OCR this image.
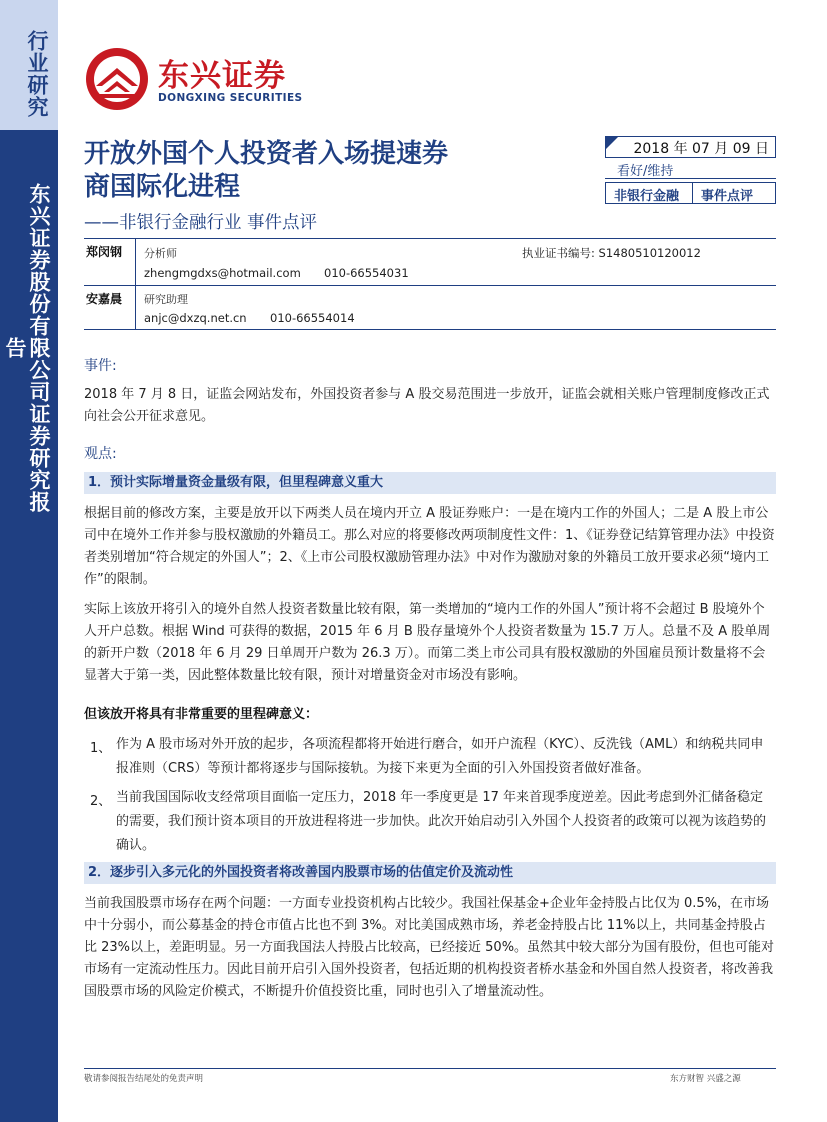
行业研究
东兴证券股份有限公司证券研究报告
东兴证券
DONGXING SECURITIES
开放外国个人投资者入场提速券
商国际化进程
——非银行金融行业 事件点评
2018 年 07 月 09 日
看好/维持
非银行金融 事件点评
郑闵钢 分析师	执业证书编号: S1480510120012
zhengmgdxs@hotmail.com 010-66554031
安嘉晨 研究助理
anjc@dxzq.net.cn 010-66554014
事件:

2018 年 7 月 8 日，证监会网站发布，外国投资者参与 A 股交易范围进一步放开，证监会就相关账户管理制度修改正式向社会公开征求意见。

观点:
1．预计实际增量资金量级有限，但里程碑意义重大

根据目前的修改方案，主要是放开以下两类人员在境内开立 A 股证券账户：一是在境内工作的外国人；二是 A 股上市公司中在境外工作并参与股权激励的外籍员工。那么对应的将要修改两项制度性文件：1、《证券登记结算管理办法》中投资者类别增加“符合规定的外国人”；2、《上市公司股权激励管理办法》中对作为激励对象的外籍员工放开要求必须“境内工作”的限制。

实际上该放开将引入的境外自然人投资者数量比较有限，第一类增加的“境内工作的外国人”预计将不会超过 B 股境外个人开户总数。根据 Wind 可获得的数据，2015 年 6 月 B 股存量境外个人投资者数量为 15.7 万人。总量不及 A 股单周的新开户数（2018 年 6 月 29 日单周开户数为 26.3 万）。而第二类上市公司具有股权激励的外国雇员预计数量将不会显著大于第一类，因此整体数量比较有限，预计对增量资金对市场没有影响。

但该放开将具有非常重要的里程碑意义：
1、 作为 A 股市场对外开放的起步，各项流程都将开始进行磨合，如开户流程（KYC）、反洗钱（AML）和纳税共同申报准则（CRS）等预计都将逐步与国际接轨。为接下来更为全面的引入外国投资者做好准备。
2、 当前我国国际收支经常项目面临一定压力，2018 年一季度更是 17 年来首现季度逆差。因此考虑到外汇储备稳定的需要，我们预计资本项目的开放进程将进一步加快。此次开始启动引入外国个人投资者的政策可以视为该趋势的确认。
2．逐步引入多元化的外国投资者将改善国内股票市场的估值定价及流动性

当前我国股票市场存在两个问题：一方面专业投资机构占比较少。我国社保基金+企业年金持股占比仅为 0.5%，在市场中十分弱小，而公募基金的持仓市值占比也不到 3%。对比美国成熟市场，养老金持股占比 11%以上，共同基金持股占比 23%以上，差距明显。另一方面我国法人持股占比较高，已经接近 50%。虽然其中较大部分为国有股份，但也可能对市场有一定流动性压力。因此目前开启引入国外投资者，包括近期的机构投资者桥水基金和外国自然人投资者，将改善我国股票市场的风险定价模式，不断提升价值投资比重，同时也引入了增量流动性。

敬请参阅报告结尾处的免责声明	东方财智 兴盛之源
